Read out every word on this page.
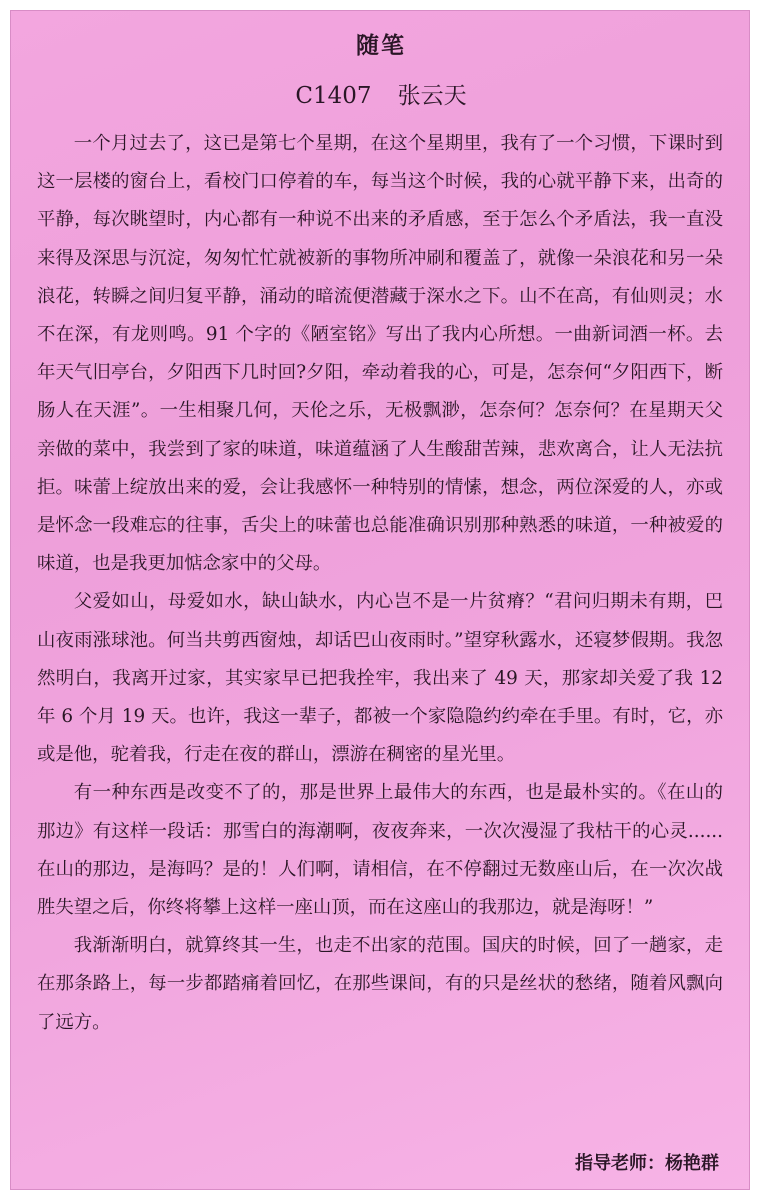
随笔
C1407 张云天

一个月过去了，这已是第七个星期，在这个星期里，我有了一个习惯，下课时到这一层楼的窗台上，看校门口停着的车，每当这个时候，我的心就平静下来，出奇的平静，每次眺望时，内心都有一种说不出来的矛盾感，至于怎么个矛盾法，我一直没来得及深思与沉淀，匆匆忙忙就被新的事物所冲刷和覆盖了，就像一朵浪花和另一朵浪花，转瞬之间归复平静，涌动的暗流便潜藏于深水之下。山不在高，有仙则灵；水不在深，有龙则鸣。91 个字的《陋室铭》写出了我内心所想。一曲新词酒一杯。去年天气旧亭台，夕阳西下几时回?夕阳，牵动着我的心，可是，怎奈何“夕阳西下，断肠人在天涯”。一生相聚几何，天伦之乐，无极飘渺，怎奈何？怎奈何？在星期天父亲做的菜中，我尝到了家的味道，味道蕴涵了人生酸甜苦辣，悲欢离合，让人无法抗拒。味蕾上绽放出来的爱，会让我感怀一种特别的情愫，想念，两位深爱的人，亦或是怀念一段难忘的往事，舌尖上的味蕾也总能准确识别那种熟悉的味道，一种被爱的味道，也是我更加惦念家中的父母。

父爱如山，母爱如水，缺山缺水，内心岂不是一片贫瘠？“君问归期未有期，巴山夜雨涨球池。何当共剪西窗烛，却话巴山夜雨时。”望穿秋露水，还寝梦假期。我忽然明白，我离开过家，其实家早已把我拴牢，我出来了 49 天，那家却关爱了我 12 年 6 个月 19 天。也许，我这一辈子，都被一个家隐隐约约牵在手里。有时，它，亦或是他，驼着我，行走在夜的群山，漂游在稠密的星光里。

有一种东西是改变不了的，那是世界上最伟大的东西，也是最朴实的。《在山的那边》有这样一段话：那雪白的海潮啊，夜夜奔来，一次次漫湿了我枯干的心灵......在山的那边，是海吗？是的！人们啊，请相信，在不停翻过无数座山后，在一次次战胜失望之后，你终将攀上这样一座山顶，而在这座山的我那边，就是海呀！”

我渐渐明白，就算终其一生，也走不出家的范围。国庆的时候，回了一趟家，走在那条路上，每一步都踏痛着回忆，在那些课间，有的只是丝状的愁绪，随着风飘向了远方。

指导老师：杨艳群
